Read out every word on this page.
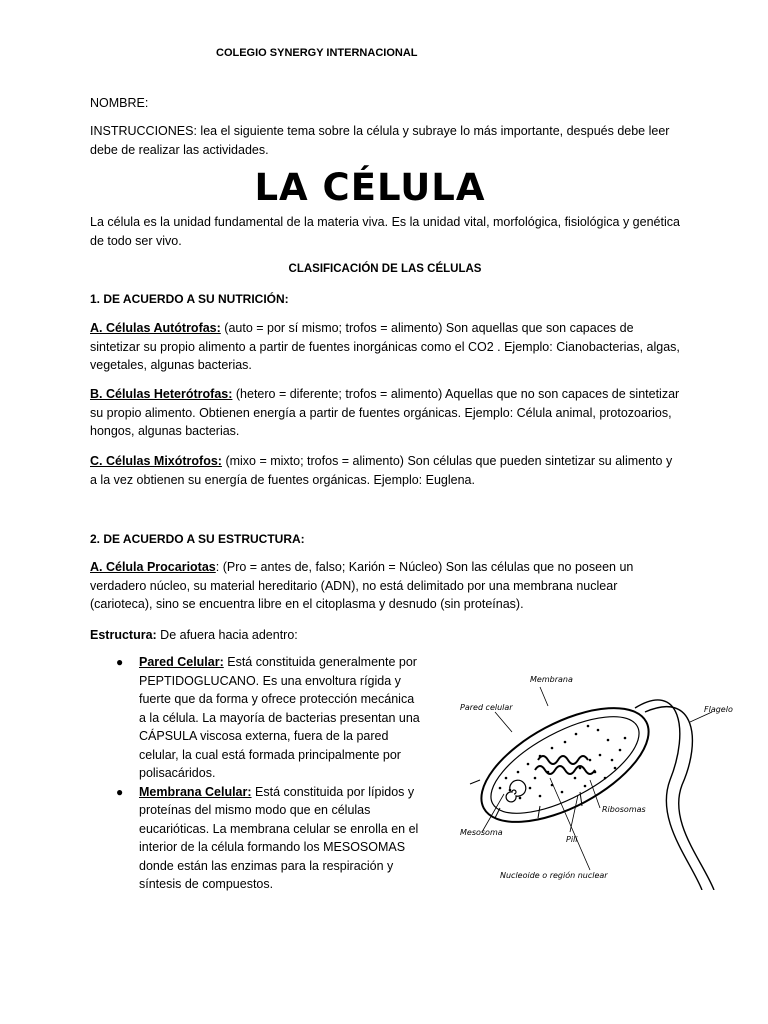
COLEGIO SYNERGY INTERNACIONAL
NOMBRE:
INSTRUCCIONES: lea el siguiente tema sobre la célula y subraye lo más importante, después debe leer debe de realizar las actividades.
LA CÉLULA
La célula es la unidad fundamental de la materia viva. Es la unidad vital, morfológica, fisiológica y genética de todo ser vivo.
CLASIFICACIÓN DE LAS CÉLULAS
1. DE ACUERDO A SU NUTRICIÓN:
A. Células Autótrofas: (auto = por sí mismo; trofos = alimento) Son aquellas que son capaces de sintetizar su propio alimento a partir de fuentes inorgánicas como el CO2 . Ejemplo: Cianobacterias, algas, vegetales, algunas bacterias.
B. Células Heterótrofas: (hetero = diferente; trofos = alimento) Aquellas que no son capaces de sintetizar su propio alimento. Obtienen energía a partir de fuentes orgánicas. Ejemplo: Célula animal, protozoarios, hongos, algunas bacterias.
C. Células Mixótrofos: (mixo = mixto; trofos = alimento) Son células que pueden sintetizar su alimento y a la vez obtienen su energía de fuentes orgánicas. Ejemplo: Euglena.
2. DE ACUERDO A SU ESTRUCTURA:
A. Célula Procariotas: (Pro = antes de, falso; Karión = Núcleo) Son las células que no poseen un verdadero núcleo, su material hereditario (ADN), no está delimitado por una membrana nuclear (carioteca), sino se encuentra libre en el citoplasma y desnudo (sin proteínas).
Estructura: De afuera hacia adentro:
● Pared Celular: Está constituida generalmente por PEPTIDOGLUCANO. Es una envoltura rígida y fuerte que da forma y ofrece protección mecánica a la célula. La mayoría de bacterias presentan una CÁPSULA viscosa externa, fuera de la pared celular, la cual está formada principalmente por polisacáridos.
● Membrana Celular: Está constituida por lípidos y proteínas del mismo modo que en células eucarióticas. La membrana celular se enrolla en el interior de la célula formando los MESOSOMAS donde están las enzimas para la respiración y síntesis de compuestos.
Membrana
Pared celular	Flagelo
Ribosomas
Mesosoma
Pili
Nucleoide o región nuclear
